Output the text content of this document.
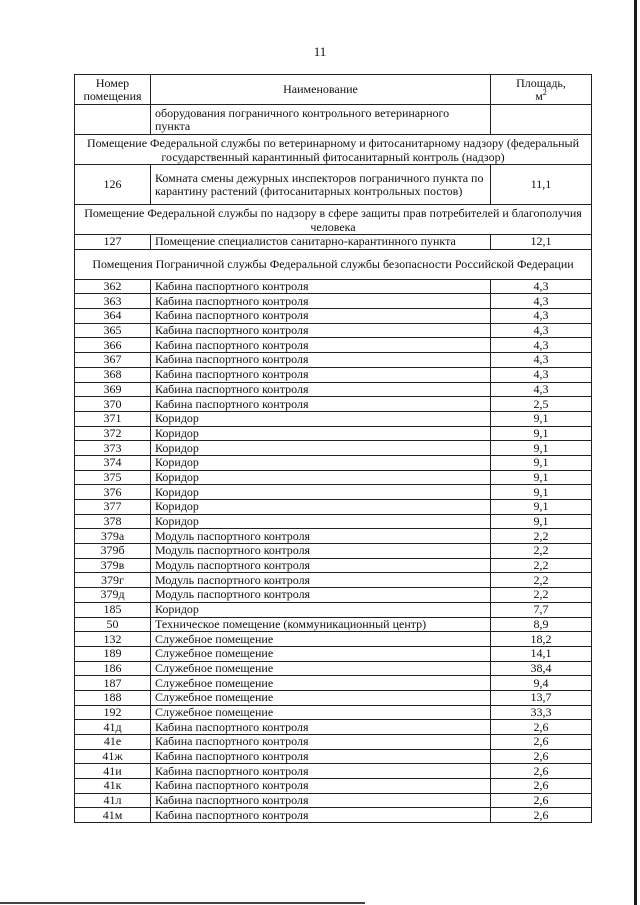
11
Номер помещения	Наименование	Площадь,
$м^2$
	оборудования пограничного контрольного ветеринарного пункта	
Помещение Федеральной службы по ветеринарному и фитосанитарному надзору (федеральный государственный карантинный фитосанитарный контроль (надзор)		
126	Комната смены дежурных инспекторов пограничного пункта по карантину растений (фитосанитарных контрольных постов)	11,1
Помещение Федеральной службы по надзору в сфере защиты прав потребителей и благополучия человека		
127	Помещение специалистов санитарно-карантинного пункта	12,1
Помещения Пограничной службы Федеральной службы безопасности Российской Федерации		
362	Кабина паспортного контроля	4,3
363	Кабина паспортного контроля	4,3
364	Кабина паспортного контроля	4,3
365	Кабина паспортного контроля	4,3
366	Кабина паспортного контроля	4,3
367	Кабина паспортного контроля	4,3
368	Кабина паспортного контроля	4,3
369	Кабина паспортного контроля	4,3
370	Кабина паспортного контроля	2,5
371	Коридор	9,1
372	Коридор	9,1
373	Коридор	9,1
374	Коридор	9,1
375	Коридор	9,1
376	Коридор	9,1
377	Коридор	9,1
378	Коридор	9,1
379а	Модуль паспортного контроля	2,2
379б	Модуль паспортного контроля	2,2
379в	Модуль паспортного контроля	2,2
379г	Модуль паспортного контроля	2,2
379д	Модуль паспортного контроля	2,2
185	Коридор	7,7
50	Техническое помещение (коммуникационный центр)	8,9
132	Служебное помещение	18,2
189	Служебное помещение	14,1
186	Служебное помещение	38,4
187	Служебное помещение	9,4
188	Служебное помещение	13,7
192	Служебное помещение	33,3
41д	Кабина паспортного контроля	2,6
41е	Кабина паспортного контроля	2,6
41ж	Кабина паспортного контроля	2,6
41и	Кабина паспортного контроля	2,6
41к	Кабина паспортного контроля	2,6
41л	Кабина паспортного контроля	2,6
41м	Кабина паспортного контроля	2,6
